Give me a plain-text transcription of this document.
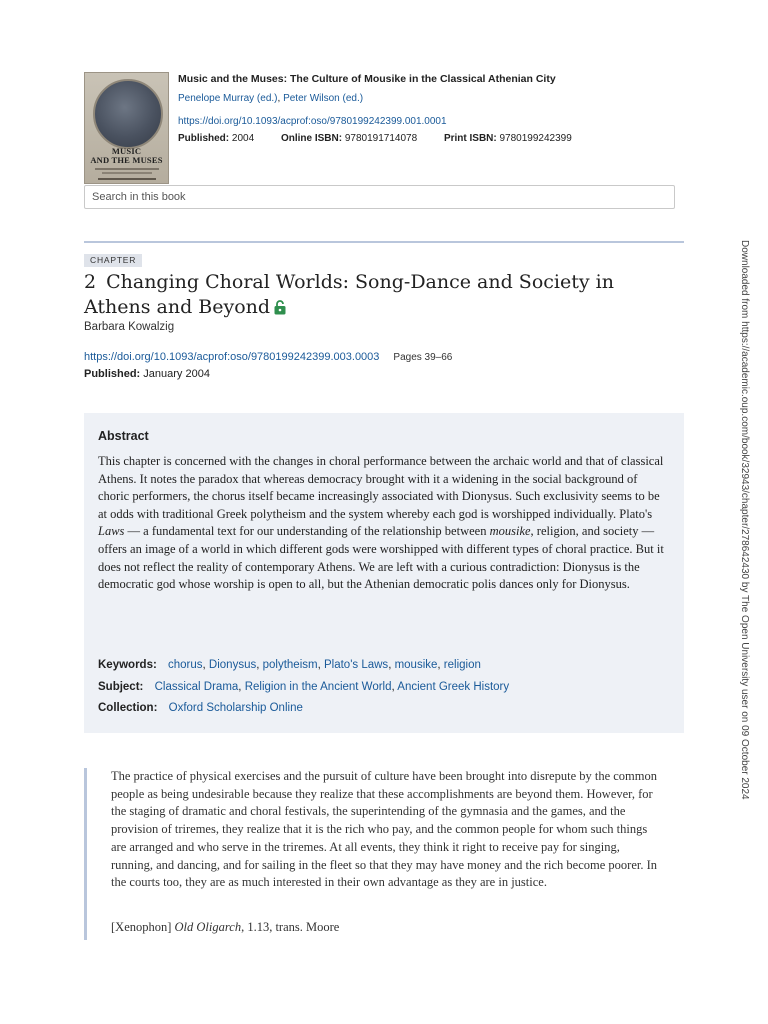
MUSIC
AND THE MUSES
Music and the Muses: The Culture of Mousike in the Classical Athenian City
Penelope Murray (ed.), Peter Wilson (ed.)
https://doi.org/10.1093/acprof:oso/9780199242399.001.0001
Published: 2004	Online ISBN: 9780191714078	Print ISBN: 9780199242399
Search in this book
CHAPTER
2 Changing Choral Worlds: Song-Dance and Society in Athens and Beyond
Barbara Kowalzig
https://doi.org/10.1093/acprof:oso/9780199242399.003.0003 Pages 39–66
Published: January 2004
Abstract
This chapter is concerned with the changes in choral performance between the archaic world and that of classical Athens. It notes the paradox that whereas democracy brought with it a widening in the social background of choric performers, the chorus itself became increasingly associated with Dionysus. Such exclusivity seems to be at odds with traditional Greek polytheism and the system whereby each god is worshipped individually. Plato's Laws — a fundamental text for our understanding of the relationship between mousike, religion, and society — offers an image of a world in which different gods were worshipped with different types of choral practice. But it does not reflect the reality of contemporary Athens. We are left with a curious contradiction: Dionysus is the democratic god whose worship is open to all, but the Athenian democratic polis dances only for Dionysus.
Keywords: chorus, Dionysus, polytheism, Plato's Laws, mousike, religion
Subject: Classical Drama, Religion in the Ancient World, Ancient Greek History
Collection: Oxford Scholarship Online
The practice of physical exercises and the pursuit of culture have been brought into disrepute by the common people as being undesirable because they realize that these accomplishments are beyond them. However, for the staging of dramatic and choral festivals, the superintending of the gymnasia and the games, and the provision of triremes, they realize that it is the rich who pay, and the common people for whom such things are arranged and who serve in the triremes. At all events, they think it right to receive pay for singing, running, and dancing, and for sailing in the fleet so that they may have money and the rich become poorer. In the courts too, they are as much interested in their own advantage as they are in justice.
[Xenophon] Old Oligarch, 1.13, trans. Moore
Downloaded from https://academic.oup.com/book/32943/chapter/278642430 by The Open University user on 09 October 2024
